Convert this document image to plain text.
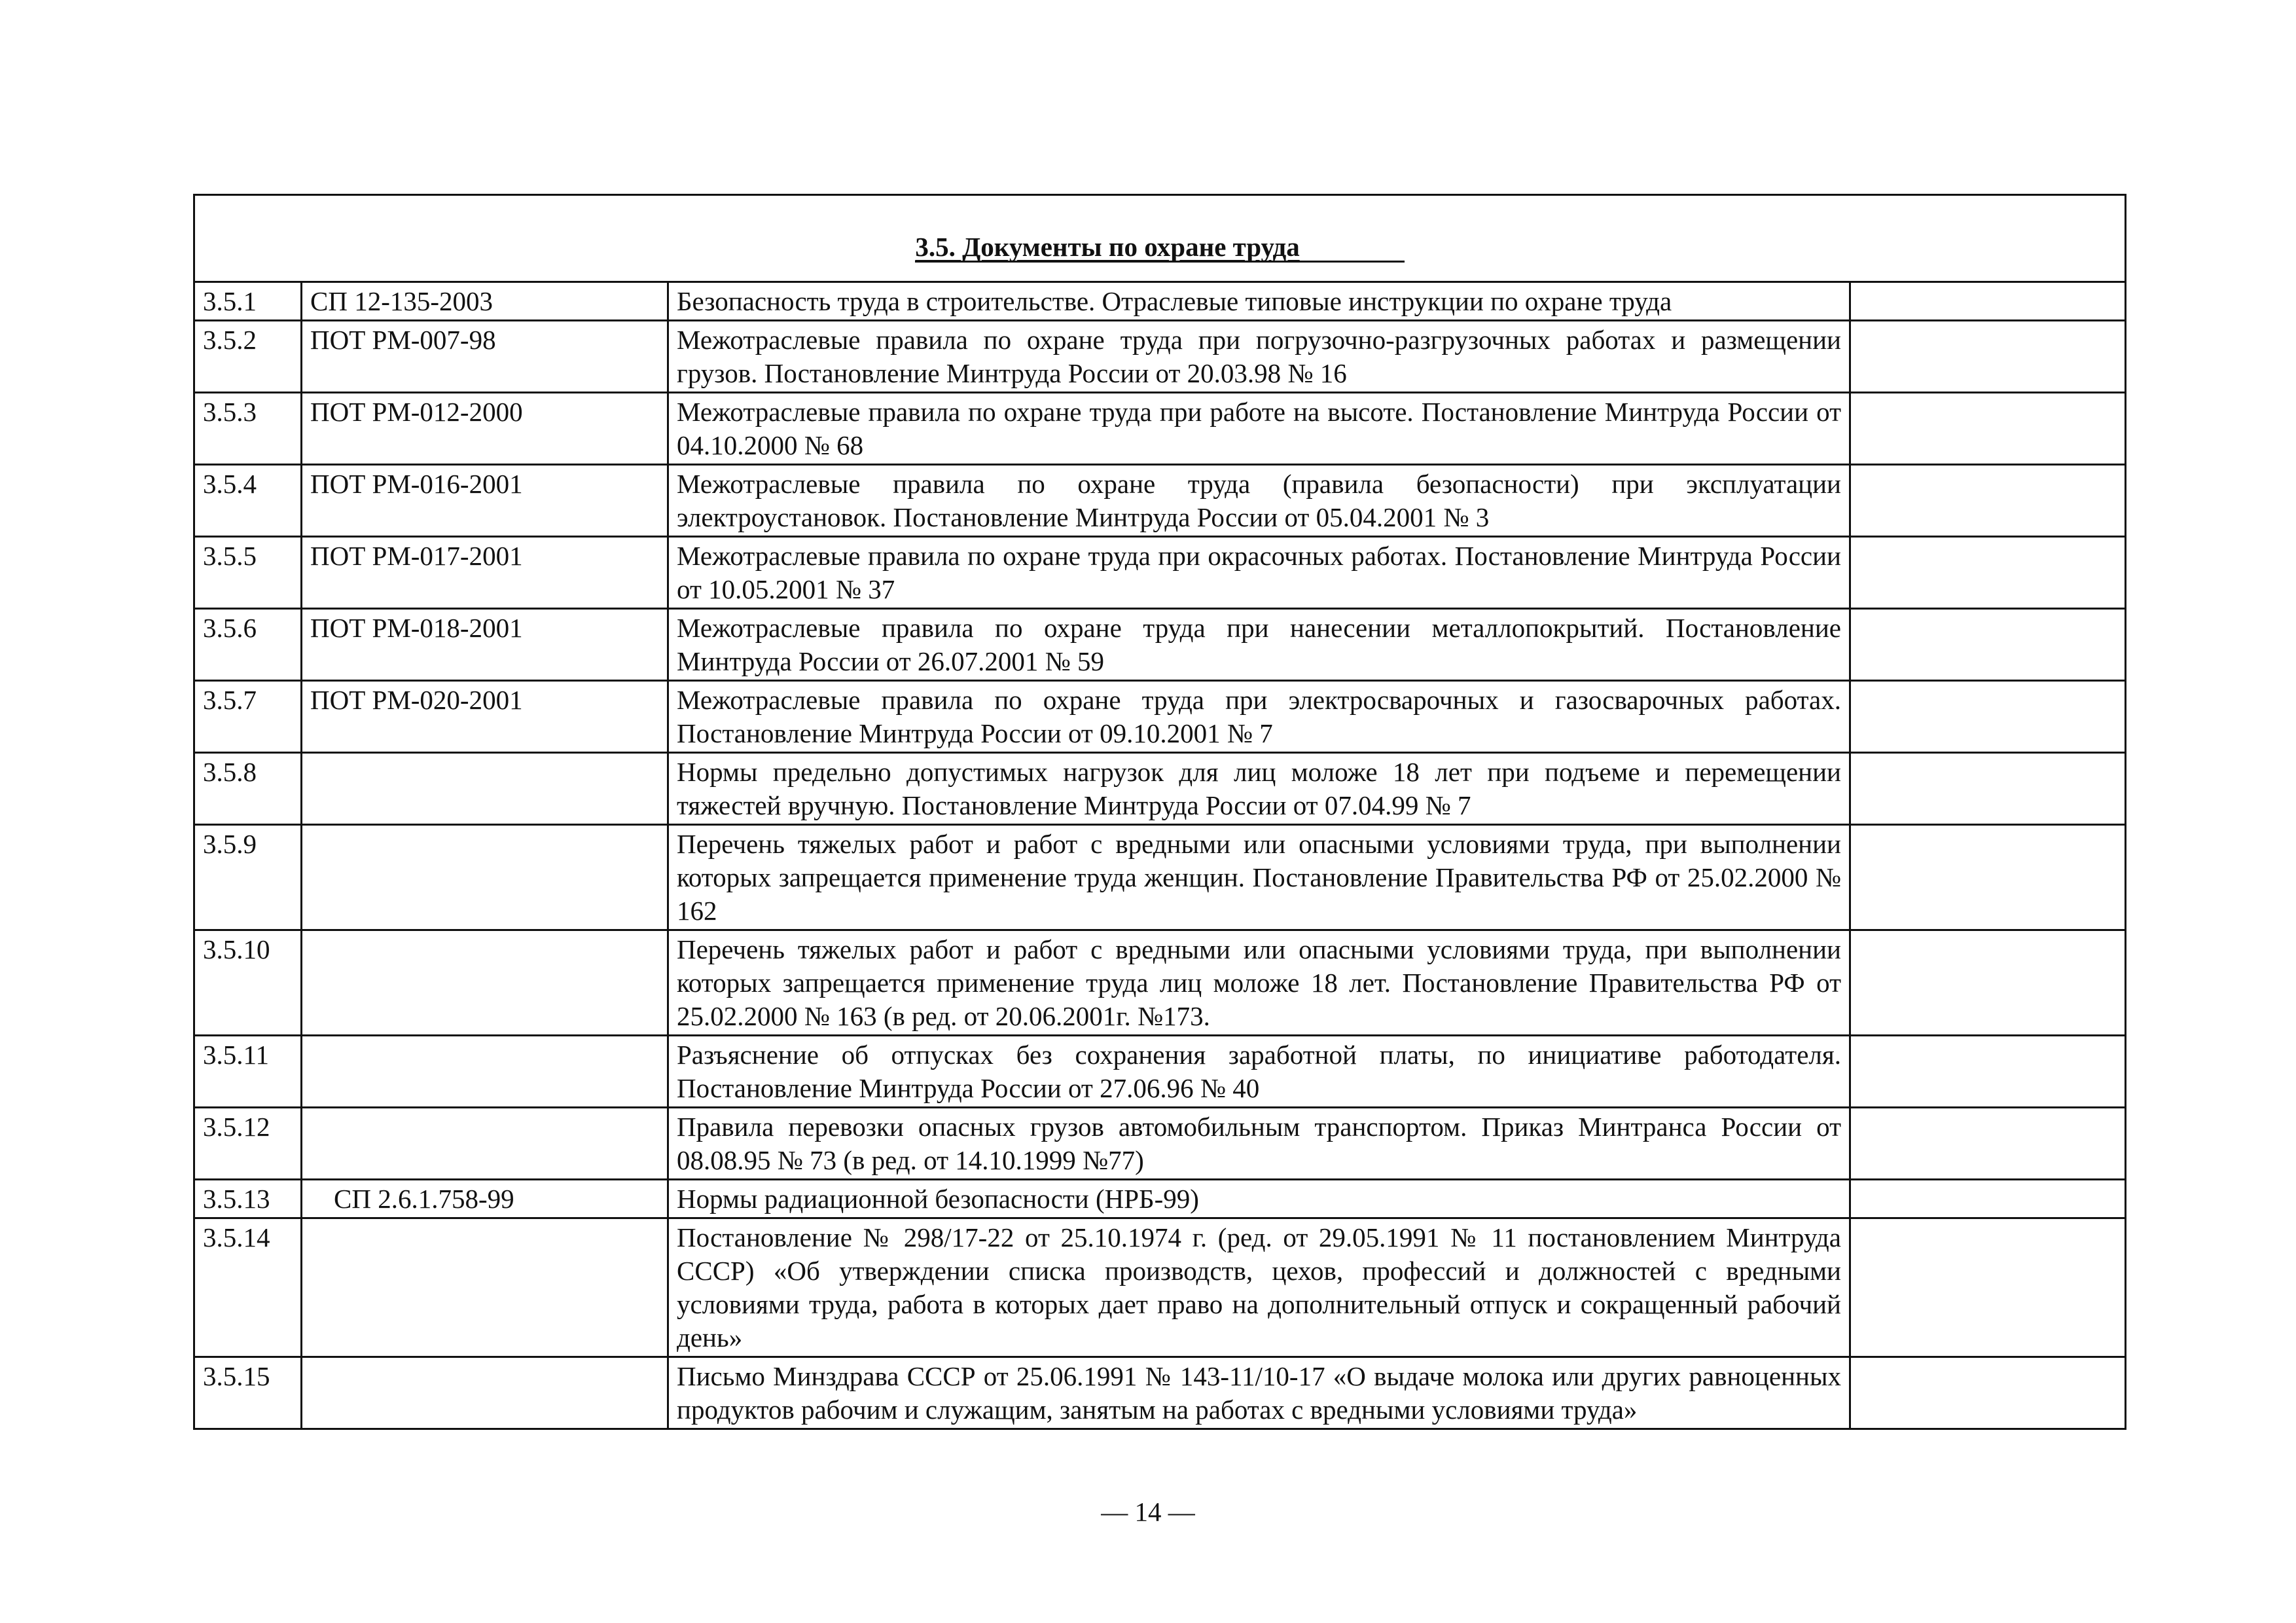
3.5. Документы по охране труда			
3.5.1	СП 12-135-2003	Безопасность труда в строительстве. Отраслевые типовые инструкции по охране труда	
3.5.2	ПОТ РМ-007-98	Межотраслевые правила по охране труда при погрузочно-разгрузочных работах и размещении грузов. Постановление Минтруда России от 20.03.98 № 16	
3.5.3	ПОТ РМ-012-2000	Межотраслевые правила по охране труда при работе на высоте. Постановление Минтруда России от 04.10.2000 № 68	
3.5.4	ПОТ РМ-016-2001	Межотраслевые правила по охране труда (правила безопасности) при эксплуатации электроустановок. Постановление Минтруда России от 05.04.2001 № 3	
3.5.5	ПОТ РМ-017-2001	Межотраслевые правила по охране труда при окрасочных работах. Постановление Минтруда России от 10.05.2001 № 37	
3.5.6	ПОТ РМ-018-2001	Межотраслевые правила по охране труда при нанесении металлопокрытий. Постановление Минтруда России от 26.07.2001 № 59	
3.5.7	ПОТ РМ-020-2001	Межотраслевые правила по охране труда при электросварочных и газосварочных работах. Постановление Минтруда России от 09.10.2001 № 7	
3.5.8		Нормы предельно допустимых нагрузок для лиц моложе 18 лет при подъеме и перемещении тяжестей вручную. Постановление Минтруда России от 07.04.99 № 7	
3.5.9		Перечень тяжелых работ и работ с вредными или опасными условиями труда, при выполнении которых запрещается применение труда женщин. Постановление Правительства РФ от 25.02.2000 № 162	
3.5.10		Перечень тяжелых работ и работ с вредными или опасными условиями труда, при выполнении которых запрещается применение труда лиц моложе 18 лет. Постановление Правительства РФ от 25.02.2000 № 163 (в ред. от 20.06.2001г. №173.	
3.5.11		Разъяснение об отпусках без сохранения заработной платы, по инициативе работодателя. Постановление Минтруда России от 27.06.96 № 40	
3.5.12		Правила перевозки опасных грузов автомобильным транспортом. Приказ Минтранса России от 08.08.95 № 73 (в ред. от 14.10.1999 №77)	
3.5.13	СП 2.6.1.758-99	Нормы радиационной безопасности (НРБ-99)	
3.5.14		Постановление № 298/17-22 от 25.10.1974 г. (ред. от 29.05.1991 № 11 постановлением Минтруда СССР) «Об утверждении списка производств, цехов, профессий и должностей с вредными условиями труда, работа в которых дает право на дополнительный отпуск и сокращенный рабочий день»	
3.5.15		Письмо Минздрава СССР от 25.06.1991 № 143-11/10-17 «О выдаче молока или других равноценных продуктов рабочим и служащим, занятым на работах с вредными условиями труда»	
— 14 —
